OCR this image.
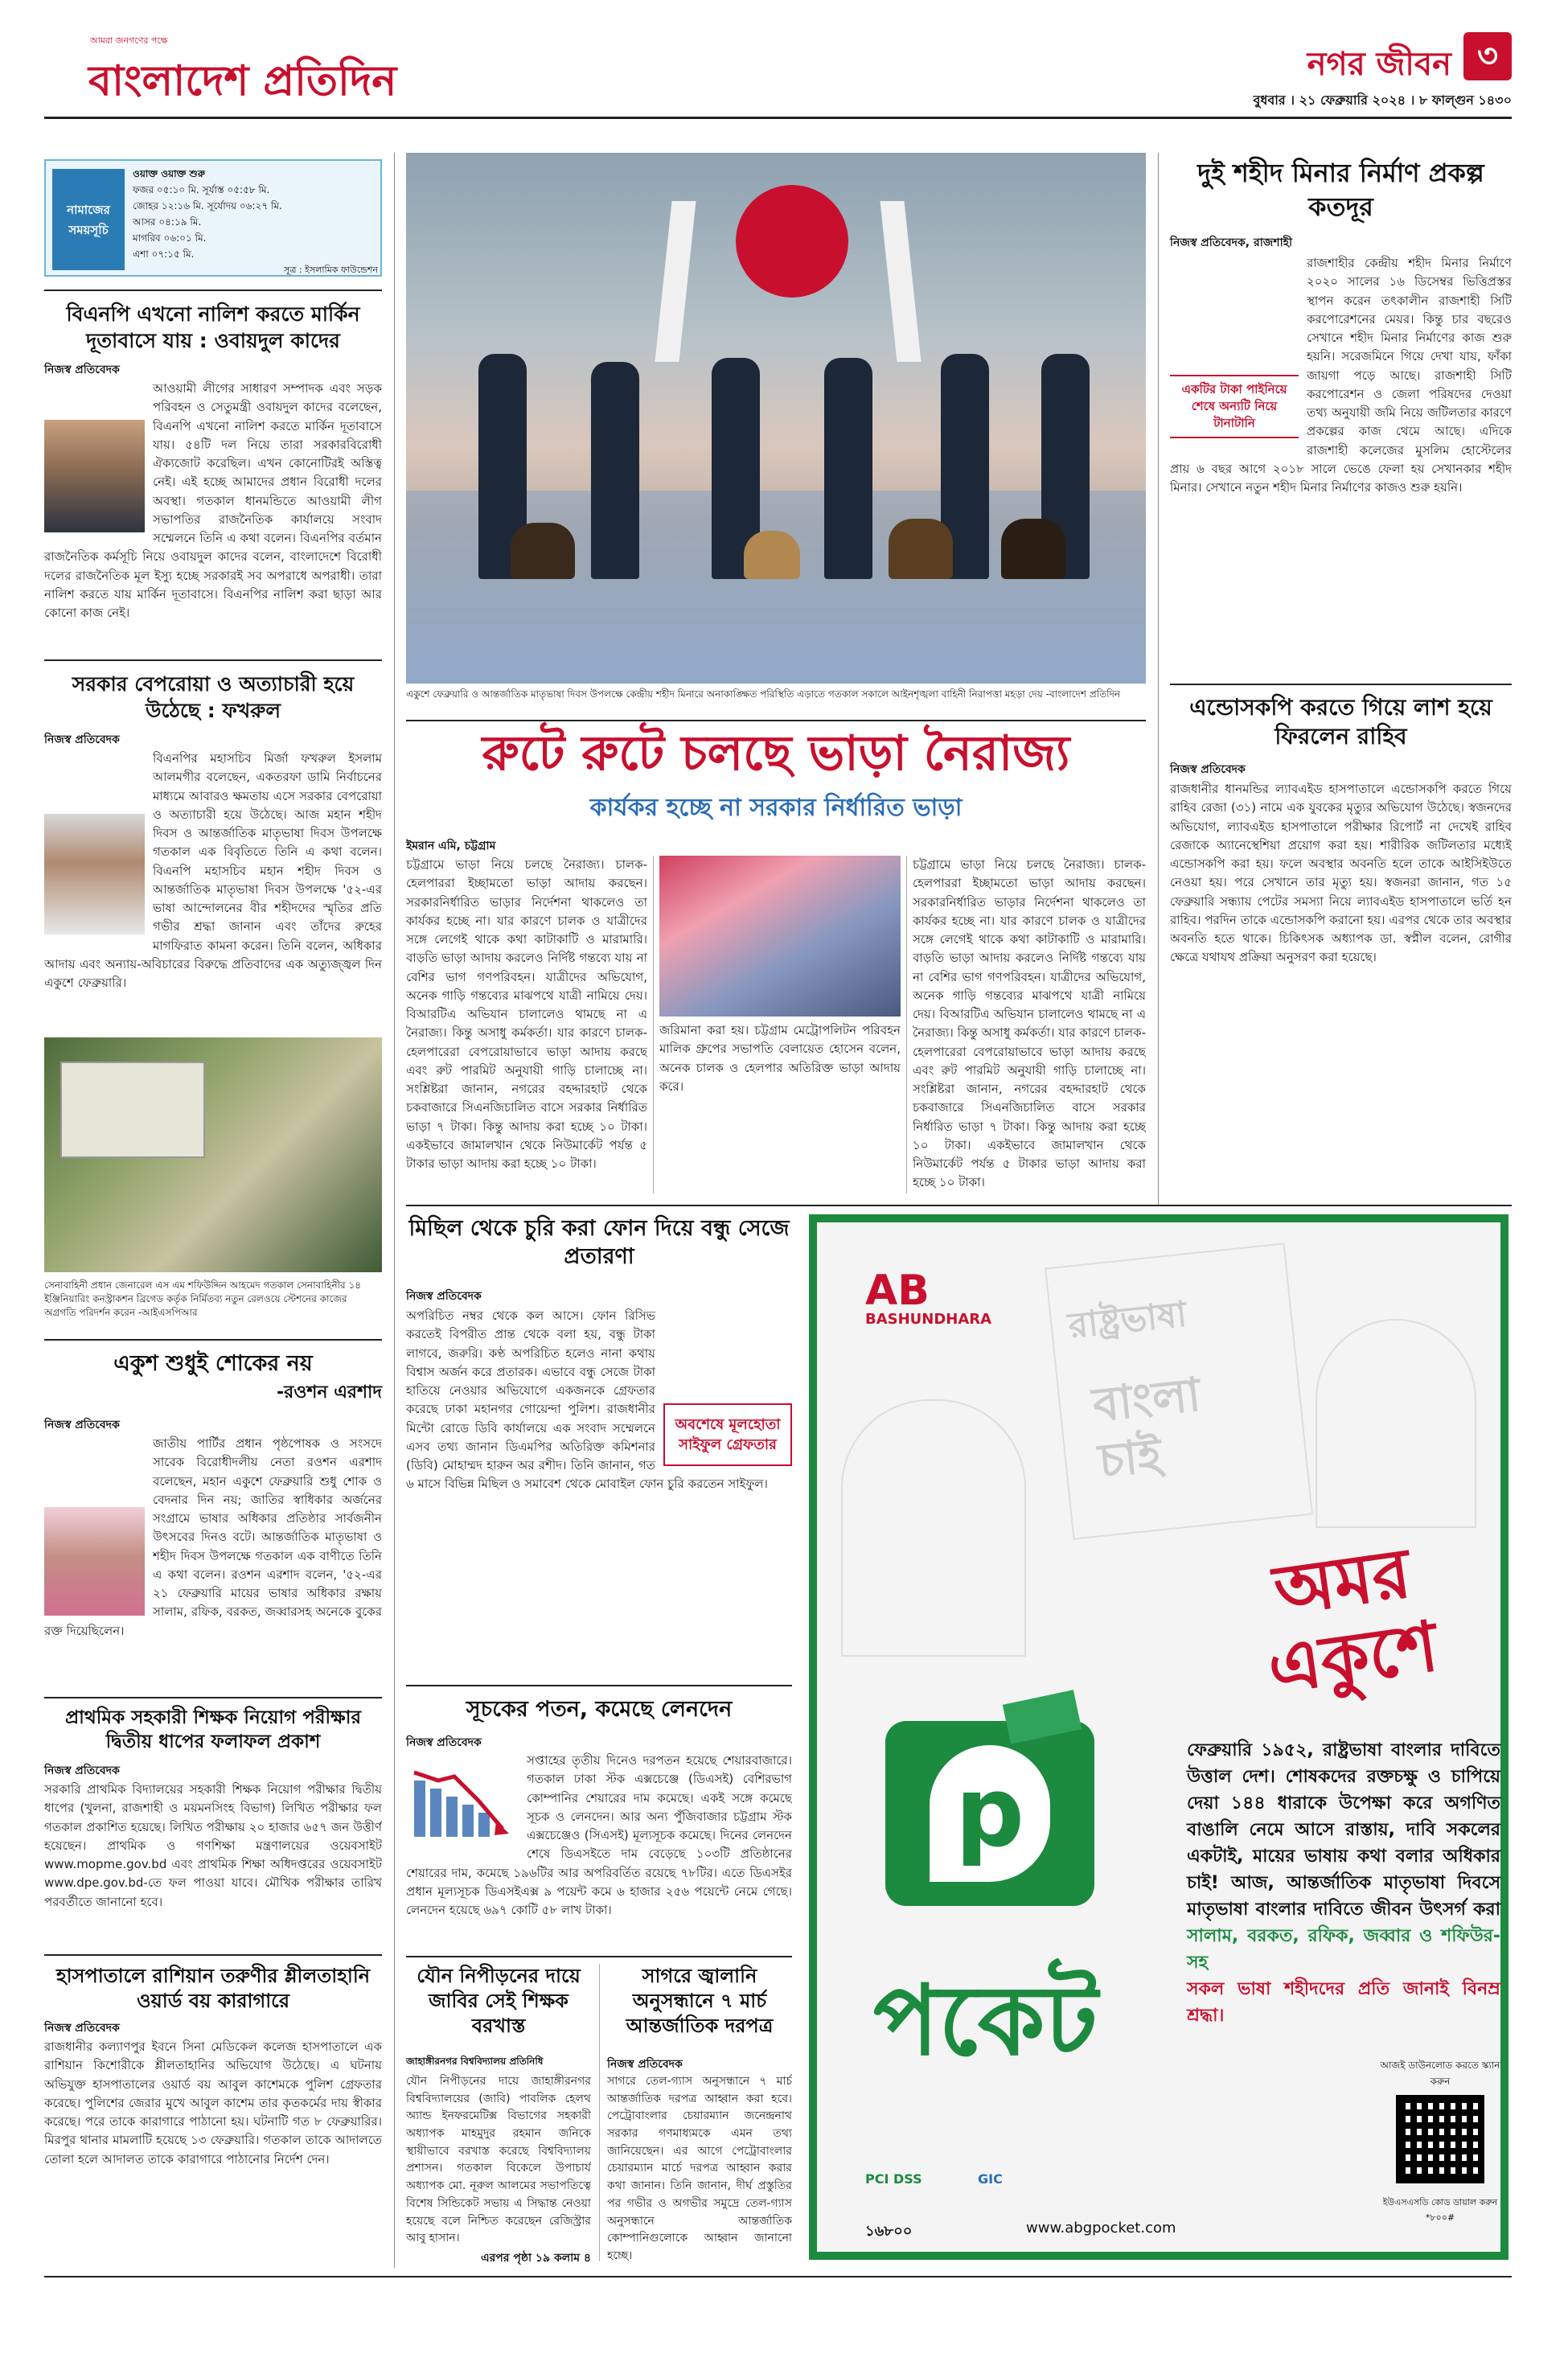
আমরা জনগণের পক্ষে
বাংলাদেশ প্রতিদিন	নগর জীবন ৩
বুধবার । ২১ ফেব্রুয়ারি ২০২৪ । ৮ ফাল্গুন ১৪৩০
নামাজের সময়সূচি
ওয়াক্ত ওয়াক্ত শুরু
ফজর ০৫:১০ মি. সূর্যাস্ত ০৫:৫৮ মি.
জোহর ১২:১৬ মি. সূর্যোদয় ০৬:২৭ মি.
আসর ০৪:১৯ মি.
মাগরিব ০৬:০১ মি.
এশা ০৭:১৫ মি.
সূত্র : ইসলামিক ফাউন্ডেশন
বিএনপি এখনো নালিশ করতে মার্কিন দূতাবাসে যায় : ওবায়দুল কাদের
নিজস্ব প্রতিবেদক
আওয়ামী লীগের সাধারণ সম্পাদক এবং সড়ক পরিবহন ও সেতুমন্ত্রী ওবায়দুল কাদের বলেছেন, বিএনপি এখনো নালিশ করতে মার্কিন দূতাবাসে যায়। ৫৪টি দল নিয়ে তারা সরকারবিরোধী ঐক্যজোট করেছিল। এখন কোনোটিরই অস্তিত্ব নেই। এই হচ্ছে আমাদের প্রধান বিরোধী দলের অবস্থা। গতকাল ধানমন্ডিতে আওয়ামী লীগ সভাপতির রাজনৈতিক কার্যালয়ে সংবাদ সম্মেলনে তিনি এ কথা বলেন। বিএনপির বর্তমান রাজনৈতিক কর্মসূচি নিয়ে ওবায়দুল কাদের বলেন, বাংলাদেশে বিরোধী দলের রাজনৈতিক মূল ইস্যু হচ্ছে সরকারই সব অপরাধে অপরাধী। তারা নালিশ করতে যায় মার্কিন দূতাবাসে। বিএনপির নালিশ করা ছাড়া আর কোনো কাজ নেই।
সরকার বেপরোয়া ও অত্যাচারী হয়ে উঠেছে : ফখরুল
নিজস্ব প্রতিবেদক
বিএনপির মহাসচিব মির্জা ফখরুল ইসলাম আলমগীর বলেছেন, একতরফা ডামি নির্বাচনের মাধ্যমে আবারও ক্ষমতায় এসে সরকার বেপরোয়া ও অত্যাচারী হয়ে উঠেছে। আজ মহান শহীদ দিবস ও আন্তর্জাতিক মাতৃভাষা দিবস উপলক্ষে গতকাল এক বিবৃতিতে তিনি এ কথা বলেন। বিএনপি মহাসচিব মহান শহীদ দিবস ও আন্তর্জাতিক মাতৃভাষা দিবস উপলক্ষে '৫২-এর ভাষা আন্দোলনের বীর শহীদদের স্মৃতির প্রতি গভীর শ্রদ্ধা জানান এবং তাঁদের রুহের মাগফিরাত কামনা করেন। তিনি বলেন, অধিকার আদায় এবং অন্যায়-অবিচারের বিরুদ্ধে প্রতিবাদের এক অত্যুজ্জ্বল দিন একুশে ফেব্রুয়ারি।
সেনাবাহিনী প্রধান জেনারেল এস এম শফিউদ্দিন আহমেদ গতকাল সেনাবাহিনীর ১৪ ইঞ্জিনিয়ারিং কনস্ট্রাকশন ব্রিগেড কর্তৃক নির্মিতব্য নতুন রেলওয়ে স্টেশনের কাজের অগ্রগতি পরিদর্শন করেন -আইএসপিআর
একুশ শুধুই শোকের নয়
-রওশন এরশাদ
নিজস্ব প্রতিবেদক
জাতীয় পার্টির প্রধান পৃষ্ঠপোষক ও সংসদে সাবেক বিরোধীদলীয় নেতা রওশন এরশাদ বলেছেন, মহান একুশে ফেব্রুয়ারি শুধু শোক ও বেদনার দিন নয়; জাতির স্বাধিকার অর্জনের সংগ্রামে ভাষার অধিকার প্রতিষ্ঠার সার্বজনীন উৎসবের দিনও বটে। আন্তর্জাতিক মাতৃভাষা ও শহীদ দিবস উপলক্ষে গতকাল এক বাণীতে তিনি এ কথা বলেন। রওশন এরশাদ বলেন, '৫২-এর ২১ ফেব্রুয়ারি মায়ের ভাষার অধিকার রক্ষায় সালাম, রফিক, বরকত, জব্বারসহ অনেকে বুকের রক্ত দিয়েছিলেন।
প্রাথমিক সহকারী শিক্ষক নিয়োগ পরীক্ষার দ্বিতীয় ধাপের ফলাফল প্রকাশ
নিজস্ব প্রতিবেদক
সরকারি প্রাথমিক বিদ্যালয়ের সহকারী শিক্ষক নিয়োগ পরীক্ষার দ্বিতীয় ধাপের (খুলনা, রাজশাহী ও ময়মনসিংহ বিভাগ) লিখিত পরীক্ষার ফল গতকাল প্রকাশিত হয়েছে। লিখিত পরীক্ষায় ২০ হাজার ৬৫৭ জন উত্তীর্ণ হয়েছেন। প্রাথমিক ও গণশিক্ষা মন্ত্রণালয়ের ওয়েবসাইট www.mopme.gov.bd এবং প্রাথমিক শিক্ষা অধিদপ্তরের ওয়েবসাইট www.dpe.gov.bd-তে ফল পাওয়া যাবে। মৌখিক পরীক্ষার তারিখ পরবর্তীতে জানানো হবে।
হাসপাতালে রাশিয়ান তরুণীর শ্লীলতাহানি ওয়ার্ড বয় কারাগারে
নিজস্ব প্রতিবেদক
রাজধানীর কল্যাণপুর ইবনে সিনা মেডিকেল কলেজ হাসপাতালে এক রাশিয়ান কিশোরীকে শ্লীলতাহানির অভিযোগ উঠেছে। এ ঘটনায় অভিযুক্ত হাসপাতালের ওয়ার্ড বয় আবুল কাশেমকে পুলিশ গ্রেফতার করেছে। পুলিশের জেরার মুখে আবুল কাশেম তার কৃতকর্মের দায় স্বীকার করেছে। পরে তাকে কারাগারে পাঠানো হয়। ঘটনাটি গত ৮ ফেব্রুয়ারির। মিরপুর থানার মামলাটি হয়েছে ১৩ ফেব্রুয়ারি। গতকাল তাকে আদালতে তোলা হলে আদালত তাকে কারাগারে পাঠানোর নির্দেশ দেন।
একুশে ফেব্রুয়ারি ও আন্তর্জাতিক মাতৃভাষা দিবস উপলক্ষে কেন্দ্রীয় শহীদ মিনারে অনাকাঙ্ক্ষিত পরিস্থিতি এড়াতে গতকাল সকালে আইনশৃঙ্খলা বাহিনী নিরাপত্তা মহড়া দেয় -বাংলাদেশ প্রতিদিন
দুই শহীদ মিনার নির্মাণ প্রকল্প কতদূর
নিজস্ব প্রতিবেদক, রাজশাহী
একটির টাকা পাইনিয়ে শেষে অন্যটি নিয়ে টানাটানি
রাজশাহীর কেন্দ্রীয় শহীদ মিনার নির্মাণে ২০২০ সালের ১৬ ডিসেম্বর ভিত্তিপ্রস্তর স্থাপন করেন তৎকালীন রাজশাহী সিটি করপোরেশনের মেয়র। কিন্তু চার বছরেও সেখানে শহীদ মিনার নির্মাণের কাজ শুরু হয়নি। সরেজমিনে গিয়ে দেখা যায়, ফাঁকা জায়গা পড়ে আছে। রাজশাহী সিটি করপোরেশন ও জেলা পরিষদের দেওয়া তথ্য অনুযায়ী জমি নিয়ে জটিলতার কারণে প্রকল্পের কাজ থেমে আছে। এদিকে রাজশাহী কলেজের মুসলিম হোস্টেলের প্রায় ৬ বছর আগে ২০১৮ সালে ভেঙে ফেলা হয় সেখানকার শহীদ মিনার। সেখানে নতুন শহীদ মিনার নির্মাণের কাজও শুরু হয়নি।
এন্ডোসকপি করতে গিয়ে লাশ হয়ে ফিরলেন রাহিব
নিজস্ব প্রতিবেদক
রাজধানীর ধানমন্ডির ল্যাবএইড হাসপাতালে এন্ডোসকপি করতে গিয়ে রাহিব রেজা (৩১) নামে এক যুবকের মৃত্যুর অভিযোগ উঠেছে। স্বজনদের অভিযোগ, ল্যাবএইড হাসপাতালে পরীক্ষার রিপোর্ট না দেখেই রাহিব রেজাকে অ্যানেস্থেশিয়া প্রয়োগ করা হয়। শারীরিক জটিলতার মধ্যেই এন্ডোসকপি করা হয়। ফলে অবস্থার অবনতি হলে তাকে আইসিইউতে নেওয়া হয়। পরে সেখানে তার মৃত্যু হয়। স্বজনরা জানান, গত ১৫ ফেব্রুয়ারি সন্ধ্যায় পেটের সমস্যা নিয়ে ল্যাবএইড হাসপাতালে ভর্তি হন রাহিব। পরদিন তাকে এন্ডোসকপি করানো হয়। এরপর থেকে তার অবস্থার অবনতি হতে থাকে। চিকিৎসক অধ্যাপক ডা. স্বপ্নীল বলেন, রোগীর ক্ষেত্রে যথাযথ প্রক্রিয়া অনুসরণ করা হয়েছে।
রুটে রুটে চলছে ভাড়া নৈরাজ্য
কার্যকর হচ্ছে না সরকার নির্ধারিত ভাড়া
ইমরান এমি, চট্টগ্রাম
চট্টগ্রামে ভাড়া নিয়ে চলছে নৈরাজ্য। চালক-হেলপাররা ইচ্ছামতো ভাড়া আদায় করছেন। সরকারনির্ধারিত ভাড়ার নির্দেশনা থাকলেও তা কার্যকর হচ্ছে না। যার কারণে চালক ও যাত্রীদের সঙ্গে লেগেই থাকে কথা কাটাকাটি ও মারামারি। বাড়তি ভাড়া আদায় করলেও নির্দিষ্ট গন্তব্যে যায় না বেশির ভাগ গণপরিবহন। যাত্রীদের অভিযোগ, অনেক গাড়ি গন্তব্যের মাঝপথে যাত্রী নামিয়ে দেয়। বিআরটিএ অভিযান চালালেও থামছে না এ নৈরাজ্য। কিন্তু অসাধু কর্মকর্তা। যার কারণে চালক-হেলপারেরা বেপরোয়াভাবে ভাড়া আদায় করছে এবং রুট পারমিট অনুযায়ী গাড়ি চালাচ্ছে না। সংশ্লিষ্টরা জানান, নগরের বহদ্দারহাট থেকে চকবাজারে সিএনজিচালিত বাসে সরকার নির্ধারিত ভাড়া ৭ টাকা। কিন্তু আদায় করা হচ্ছে ১০ টাকা। একইভাবে জামালখান থেকে নিউমার্কেট পর্যন্ত ৫ টাকার ভাড়া আদায় করা হচ্ছে ১০ টাকা।
জরিমানা করা হয়। চট্টগ্রাম মেট্রোপলিটন পরিবহন মালিক গ্রুপের সভাপতি বেলায়েত হোসেন বলেন, অনেক চালক ও হেলপার অতিরিক্ত ভাড়া আদায় করে।
চট্টগ্রামে ভাড়া নিয়ে চলছে নৈরাজ্য। চালক-হেলপাররা ইচ্ছামতো ভাড়া আদায় করছেন। সরকারনির্ধারিত ভাড়ার নির্দেশনা থাকলেও তা কার্যকর হচ্ছে না। যার কারণে চালক ও যাত্রীদের সঙ্গে লেগেই থাকে কথা কাটাকাটি ও মারামারি। বাড়তি ভাড়া আদায় করলেও নির্দিষ্ট গন্তব্যে যায় না বেশির ভাগ গণপরিবহন। যাত্রীদের অভিযোগ, অনেক গাড়ি গন্তব্যের মাঝপথে যাত্রী নামিয়ে দেয়। বিআরটিএ অভিযান চালালেও থামছে না এ নৈরাজ্য। কিন্তু অসাধু কর্মকর্তা। যার কারণে চালক-হেলপারেরা বেপরোয়াভাবে ভাড়া আদায় করছে এবং রুট পারমিট অনুযায়ী গাড়ি চালাচ্ছে না। সংশ্লিষ্টরা জানান, নগরের বহদ্দারহাট থেকে চকবাজারে সিএনজিচালিত বাসে সরকার নির্ধারিত ভাড়া ৭ টাকা। কিন্তু আদায় করা হচ্ছে ১০ টাকা। একইভাবে জামালখান থেকে নিউমার্কেট পর্যন্ত ৫ টাকার ভাড়া আদায় করা হচ্ছে ১০ টাকা।
মিছিল থেকে চুরি করা ফোন দিয়ে বন্ধু সেজে প্রতারণা
নিজস্ব প্রতিবেদক
অবশেষে মূলহোতা সাইফুল গ্রেফতার
অপরিচিত নম্বর থেকে কল আসে। ফোন রিসিভ করতেই বিপরীত প্রান্ত থেকে বলা হয়, বন্ধু টাকা লাগবে, জরুরি। কণ্ঠ অপরিচিত হলেও নানা কথায় বিশ্বাস অর্জন করে প্রতারক। এভাবে বন্ধু সেজে টাকা হাতিয়ে নেওয়ার অভিযোগে একজনকে গ্রেফতার করেছে ঢাকা মহানগর গোয়েন্দা পুলিশ। রাজধানীর মিন্টো রোডে ডিবি কার্যালয়ে এক সংবাদ সম্মেলনে এসব তথ্য জানান ডিএমপির অতিরিক্ত কমিশনার (ডিবি) মোহাম্মদ হারুন অর রশীদ। তিনি জানান, গত ৬ মাসে বিভিন্ন মিছিল ও সমাবেশ থেকে মোবাইল ফোন চুরি করতেন সাইফুল।
সূচকের পতন, কমেছে লেনদেন
নিজস্ব প্রতিবেদক
সপ্তাহের তৃতীয় দিনেও দরপতন হয়েছে শেয়ারবাজারে। গতকাল ঢাকা স্টক এক্সচেঞ্জে (ডিএসই) বেশিরভাগ কোম্পানির শেয়ারের দাম কমেছে। একই সঙ্গে কমেছে সূচক ও লেনদেন। আর অন্য পুঁজিবাজার চট্টগ্রাম স্টক এক্সচেঞ্জেও (সিএসই) মূল্যসূচক কমেছে। দিনের লেনদেন শেষে ডিএসইতে দাম বেড়েছে ১০৩টি প্রতিষ্ঠানের শেয়ারের দাম, কমেছে ১৯৬টির আর অপরিবর্তিত রয়েছে ৭৮টির। এতে ডিএসইর প্রধান মূল্যসূচক ডিএসইএক্স ৯ পয়েন্ট কমে ৬ হাজার ২৫৬ পয়েন্টে নেমে গেছে। লেনদেন হয়েছে ৬৯৭ কোটি ৫৮ লাখ টাকা।
যৌন নিপীড়নের দায়ে জাবির সেই শিক্ষক বরখাস্ত
জাহাঙ্গীরনগর বিশ্ববিদ্যালয় প্রতিনিধি
যৌন নিপীড়নের দায়ে জাহাঙ্গীরনগর বিশ্ববিদ্যালয়ের (জাবি) পাবলিক হেলথ অ্যান্ড ইনফরমেটিক্স বিভাগের সহকারী অধ্যাপক মাহমুদুর রহমান জনিকে স্থায়ীভাবে বরখাস্ত করেছে বিশ্ববিদ্যালয় প্রশাসন। গতকাল বিকেলে উপাচার্য অধ্যাপক মো. নূরুল আলমের সভাপতিত্বে বিশেষ সিন্ডিকেট সভায় এ সিদ্ধান্ত নেওয়া হয়েছে বলে নিশ্চিত করেছেন রেজিস্ট্রার আবু হাসান।
এরপর পৃষ্ঠা ১৯ কলাম ৪
সাগরে জ্বালানি অনুসন্ধানে ৭ মার্চ আন্তর্জাতিক দরপত্র
নিজস্ব প্রতিবেদক
সাগরে তেল-গ্যাস অনুসন্ধানে ৭ মার্চ আন্তর্জাতিক দরপত্র আহ্বান করা হবে। পেট্রোবাংলার চেয়ারম্যান জনেন্দ্রনাথ সরকার গণমাধ্যমকে এমন তথ্য জানিয়েছেন। এর আগে পেট্রোবাংলার চেয়ারম্যান মার্চে দরপত্র আহ্বান করার কথা জানান। তিনি জানান, দীর্ঘ প্রস্তুতির পর গভীর ও অগভীর সমুদ্রে তেল-গ্যাস অনুসন্ধানে আন্তর্জাতিক কোম্পানিগুলোকে আহ্বান জানানো হচ্ছে।
রাষ্ট্রভাষা
বাংলা চাই
AB
BASHUNDHARA
অমর একুশে
p
পকেট
ফেব্রুয়ারি ১৯৫২, রাষ্ট্রভাষা বাংলার দাবিতে উত্তাল দেশ। শোষকদের রক্তচক্ষু ও চাপিয়ে দেয়া ১৪৪ ধারাকে উপেক্ষা করে অগণিত বাঙালি নেমে আসে রাস্তায়, দাবি সকলের একটাই, মায়ের ভাষায় কথা বলার অধিকার চাই! আজ, আন্তর্জাতিক মাতৃভাষা দিবসে মাতৃভাষা বাংলার দাবিতে জীবন উৎসর্গ করা সালাম, বরকত, রফিক, জব্বার ও শফিউর-সহ
সকল ভাষা শহীদদের প্রতি জানাই বিনম্র শ্রদ্ধা।
আজই ডাউনলোড করতে স্ক্যান করুন
ইউএসএসডি কোড ডায়াল করুন *৮০০#
PCI DSS	GIC
১৬৮০০	www.abgpocket.com
